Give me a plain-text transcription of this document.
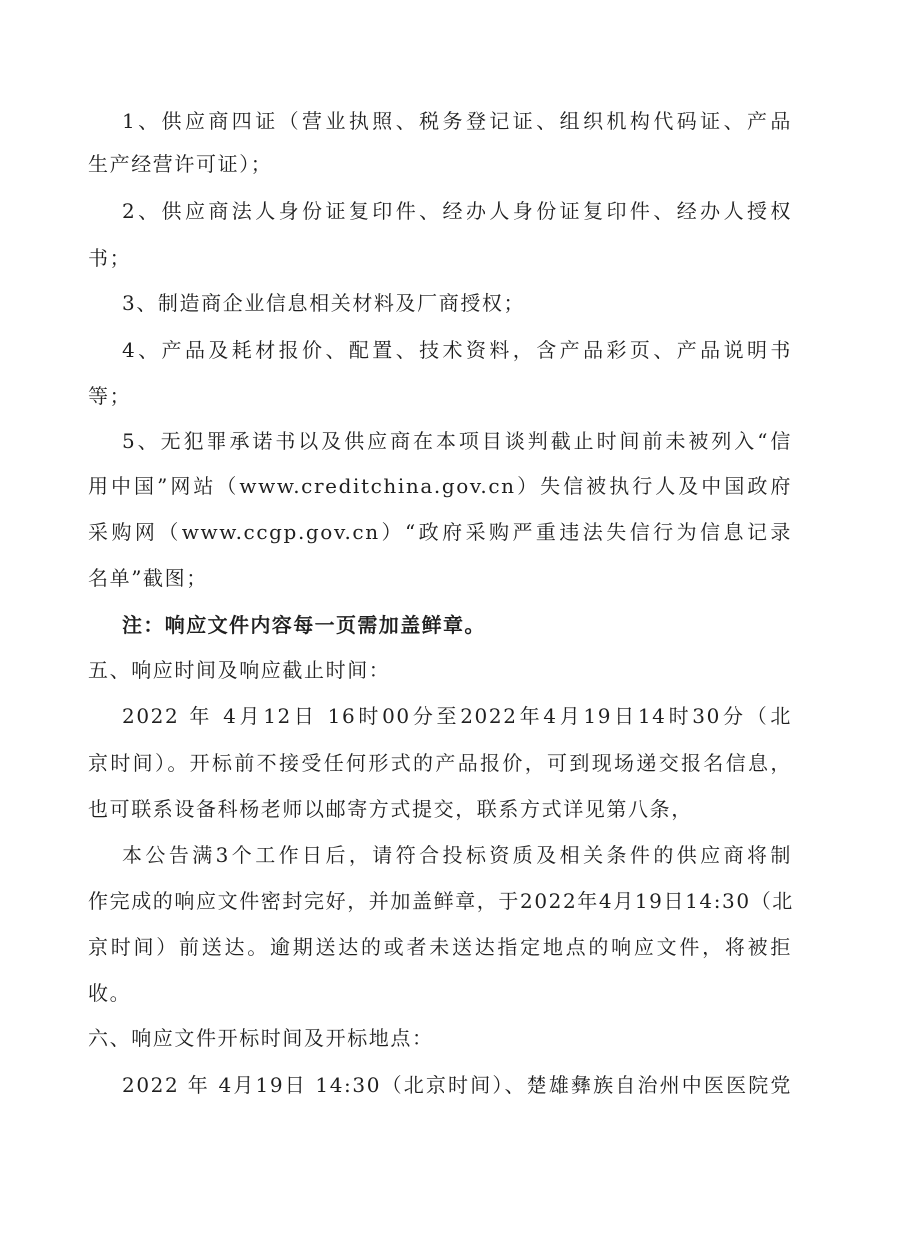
1、供应商四证（营业执照、税务登记证、组织机构代码证、产品
生产经营许可证）；
2、供应商法人身份证复印件、经办人身份证复印件、经办人授权
书；
3、制造商企业信息相关材料及厂商授权；
4、产品及耗材报价、配置、技术资料，含产品彩页、产品说明书
等；
5、无犯罪承诺书以及供应商在本项目谈判截止时间前未被列入“信
用中国”网站（www.creditchina.gov.cn）失信被执行人及中国政府
采购网（www.ccgp.gov.cn）“政府采购严重违法失信行为信息记录
名单”截图；
注：响应文件内容每一页需加盖鲜章。
五、响应时间及响应截止时间：
2022 年 4月12日 16时00分至2022年4月19日14时30分（北
京时间）。开标前不接受任何形式的产品报价，可到现场递交报名信息，
也可联系设备科杨老师以邮寄方式提交，联系方式详见第八条，
本公告满3个工作日后，请符合投标资质及相关条件的供应商将制
作完成的响应文件密封完好，并加盖鲜章，于2022年4月19日14:30（北
京时间）前送达。逾期送达的或者未送达指定地点的响应文件，将被拒
收。
六、响应文件开标时间及开标地点：
2022 年 4月19日 14:30（北京时间）、楚雄彝族自治州中医医院党
